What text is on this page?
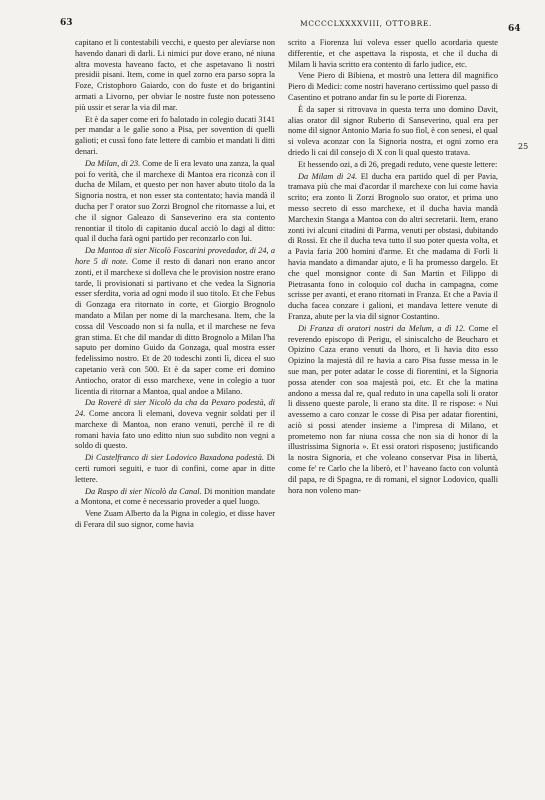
63	MCCCCLXXXXVIII, OTTOBRE.
64

capitano et li contestabili vecchi, e questo per alevíarse non havendo danari di darli. Li nimici pur dove erano, né niuna altra movesta haveano facto, et che aspetavano li nostri presidii pisani. Item, come in quel zorno era parso sopra la Foze, Cristophoro Gaiardo, con do fuste et do brigantini armati a Livorno, per obviar le nostre fuste non potesseno più ussir et serar la via dil mar.

Et è da saper come eri fo balotado in colegio ducati 3141 per mandar a le galìe sono a Pisa, per sovention di quelli galioti; et cussì fono fate lettere di cambio et mandati li ditti denari.

Da Milan, di 23. Come de lì era levato una zanza, la qual poi fo verità, che il marchexe di Mantoa era riconzà con il ducha de Milam, et questo per non haver abuto titolo da la Signoria nostra, et non esser sta contentato; havia mandà il ducha per l' orator suo Zorzi Brognol che ritornasse a lui, et che il signor Galeazo di Sanseverino era sta contento renontiar il titolo di capitanio ducal acciò lo dagi al ditto: qual il ducha farà ogni partido per reconzarlo con lui.

Da Mantoa di sier Nicolò Foscarini provedador, di 24, a hore 5 di note. Come il resto di danari non erano ancor zonti, et il marchexe si dolleva che le provision nostre erano tarde, li provisionati si partivano et che vedea la Signoria esser sferdita, voria ad ogni modo il suo titolo. Et che Febus di Gonzaga era ritornato in corte, et Giorgio Brognolo mandato a Milan per nome di la marchesana. Item, che la cossa dil Vescoado non si fa nulla, et il marchese ne feva gran stima. Et che dil mandar di ditto Brognolo a Milan l'ha saputo per domino Guido da Gonzaga, qual mostra esser fedelissimo nostro. Et de 20 todeschi zonti lì, dicea el suo capetanio verà con 500. Et è da saper come eri domino Antiocho, orator di esso marchexe, vene in colegio a tuor licentia di ritornar a Mantoa, qual andoe a Milano.

Da Roverè di sier Nicolò da cha da Pexaro podestà, di 24. Come ancora li elemani, doveva vegnir soldati per il marchexe di Mantoa, non erano venuti, perchè il re di romani havia fato uno editto niun suo subdito non vegni a soldo di questo.

Di Castelfranco di sier Lodovico Baxadona podestà. Di certi rumori seguiti, e tuor di confini, come apar in ditte lettere.

Da Raspo di sier Nicolò da Canal. Di monition mandate a Montona, et come è necessario proveder a quel luogo.

Vene Zuam Alberto da la Pigna in colegio, et disse haver di Ferara dil suo signor, come havia

scrito a Fiorenza lui voleva esser quello acordaria queste differentie, et che aspettava la risposta, et che il ducha di Milam li havia scritto era contento di farlo judice, etc.

Vene Piero di Bibiena, et mostrò una lettera dil magnifico Piero di Medici: come nostri haverano certissimo quel passo di Casentino et potrano andar fin su le porte di Fiorenza.

È da saper si ritrovava in questa terra uno domino Davit, alias orator dil signor Ruberto di Sanseverino, qual era per nome dil signor Antonio Maria fo suo fiol, è con senesi, el qual si voleva aconzar con la Signoria nostra, et ogni zorno era driedo li cai dil consejo di X con li qual questo tratava.

Et hessendo ozi, a dì 26, pregadi reduto, vene queste lettere:

Da Milam di 24. El ducha era partido quel dì per Pavia, tramava più che mai d'acordar il marchexe con lui come havia scrito; era zonto li Zorzi Brognolo suo orator, et prima uno messo secreto di esso marchexe, et il ducha havia mandà Marchexin Stanga a Mantoa con do altri secretarii. Item, erano zonti ivi alcuni citadini di Parma, venuti per obstasi, dubitando di Rossi. Et che il ducha teva tutto il suo poter questa volta, et a Pavia faria 200 homini d'arme. Et che madama di Forlì li havia mandato a dimandar ajuto, e lì ha promesso dargelo. Et che quel monsignor conte di San Martin et Filippo di Pietrasanta fono in coloquio col ducha in campagna, come scrisse per avanti, et erano ritornati in Franza. Et che a Pavia il ducha facea conzare i galioni, et mandava lettere venute di Franza, abute per la via dil signor Costantino.

Di Franza di oratori nostri da Melum, a dì 12. Come el reverendo episcopo di Perigu, el siniscalcho de Beucharo et Opizino Caza erano venuti da lhoro, et li havia dito esso Opizino la majestà dil re havia a caro Pisa fusse messa in le sue man, per poter adatar le cosse di fiorentini, et la Signoria possa atender con soa majestà poi, etc. Et che la matina andono a messa dal re, qual reduto in una capella soli li orator li dissenо queste parole, li erano sta dite. Il re rispose: « Nui avessemo a caro conzar le cosse di Pisa per adatar fiorentini, aciò si possi atender insieme a l'impresa di Milano, et prometemo non far niuna cossa che non sia di honor di la illustrissima Signoria ». Et essi oratori risposeno; justificando la nostra Signoria, et che voleano conservar Pisa in libertà, come fe' re Carlo che la liberò, et l' haveano facto con voluntà dil papa, re di Spagna, re di romani, el signor Lodovico, qualli hora non voleno man-

25
